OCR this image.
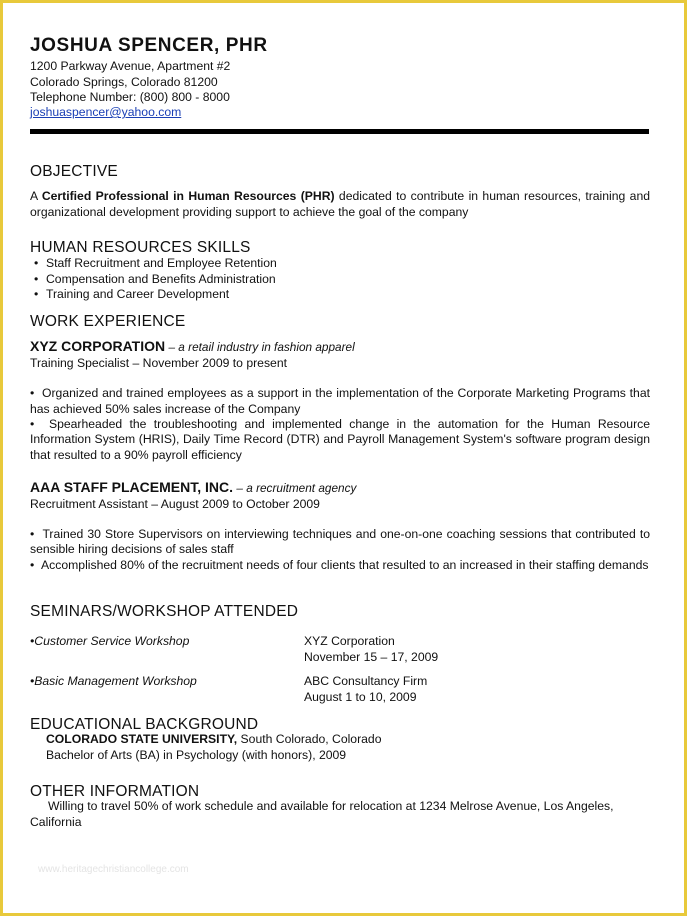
JOSHUA SPENCER, PHR
1200 Parkway Avenue, Apartment #2
Colorado Springs, Colorado 81200
Telephone Number: (800) 800 - 8000
joshuaspencer@yahoo.com
OBJECTIVE
A Certified Professional in Human Resources (PHR) dedicated to contribute in human resources, training and organizational development providing support to achieve the goal of the company
HUMAN RESOURCES SKILLS
• Staff Recruitment and Employee Retention
• Compensation and Benefits Administration
• Training and Career Development
WORK EXPERIENCE
XYZ CORPORATION – a retail industry in fashion apparel
Training Specialist – November 2009 to present
•  Organized and trained employees as a support in the implementation of the Corporate Marketing Programs that has achieved 50% sales increase of the Company
•  Spearheaded the troubleshooting and implemented change in the automation for the Human Resource Information System (HRIS), Daily Time Record (DTR) and Payroll Management System's software program design that resulted to a 90% payroll efficiency
AAA STAFF PLACEMENT, INC. – a recruitment agency
Recruitment Assistant – August 2009 to October 2009
•  Trained 30 Store Supervisors on interviewing techniques and one-on-one coaching sessions that contributed to sensible hiring decisions of sales staff
•  Accomplished 80% of the recruitment needs of four clients that resulted to an increased in their staffing demands
SEMINARS/WORKSHOP ATTENDED
•Customer Service Workshop	XYZ Corporation
November 15 – 17, 2009
•Basic Management Workshop	ABC Consultancy Firm
August 1 to 10, 2009
EDUCATIONAL BACKGROUND
COLORADO STATE UNIVERSITY, South Colorado, Colorado
Bachelor of Arts (BA) in Psychology (with honors), 2009
OTHER INFORMATION
Willing to travel 50% of work schedule and available for relocation at 1234 Melrose Avenue, Los Angeles, California
www.heritagechristiancollege.com
